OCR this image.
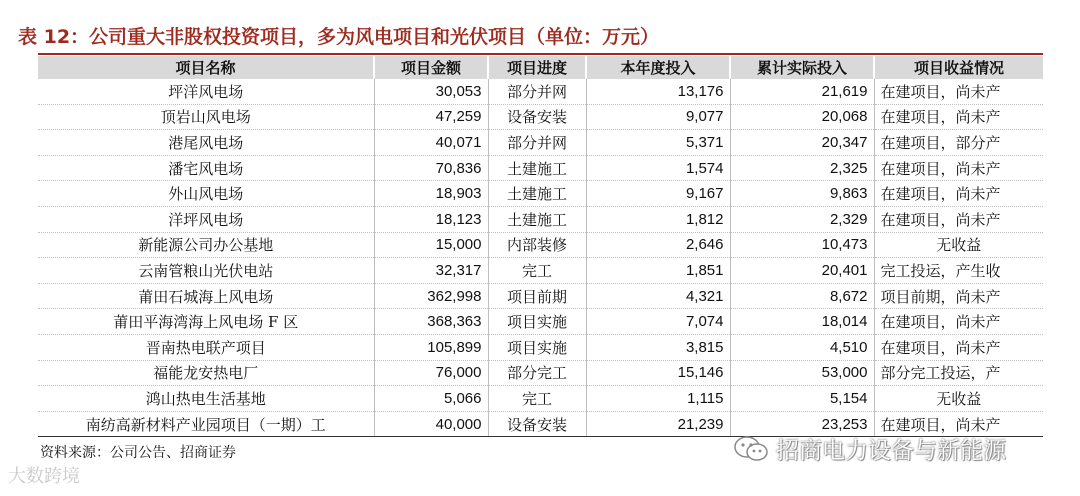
表 12：公司重大非股权投资项目，多为风电项目和光伏项目（单位：万元）
项目名称	项目金额	项目进度	本年度投入	累计实际投入	项目收益情况
坪洋风电场	30,053	部分并网	13,176	21,619	在建项目，尚未产
顶岩山风电场	47,259	设备安装	9,077	20,068	在建项目，尚未产
港尾风电场	40,071	部分并网	5,371	20,347	在建项目，部分产
潘宅风电场	70,836	土建施工	1,574	2,325	在建项目，尚未产
外山风电场	18,903	土建施工	9,167	9,863	在建项目，尚未产
洋坪风电场	18,123	土建施工	1,812	2,329	在建项目，尚未产
新能源公司办公基地	15,000	内部装修	2,646	10,473	无收益
云南管粮山光伏电站	32,317	完工	1,851	20,401	完工投运，产生收
莆田石城海上风电场	362,998	项目前期	4,321	8,672	项目前期，尚未产
莆田平海湾海上风电场 F 区	368,363	项目实施	7,074	18,014	在建项目，尚未产
晋南热电联产项目	105,899	项目实施	3,815	4,510	在建项目，尚未产
福能龙安热电厂	76,000	部分完工	15,146	53,000	部分完工投运，产
鸿山热电生活基地	5,066	完工	1,115	5,154	无收益
南纺高新材料产业园项目（一期）工	40,000	设备安装	21,239	23,253	在建项目，尚未产
资料来源：公司公告、招商证券
大数跨境
招商电力设备与新能源
